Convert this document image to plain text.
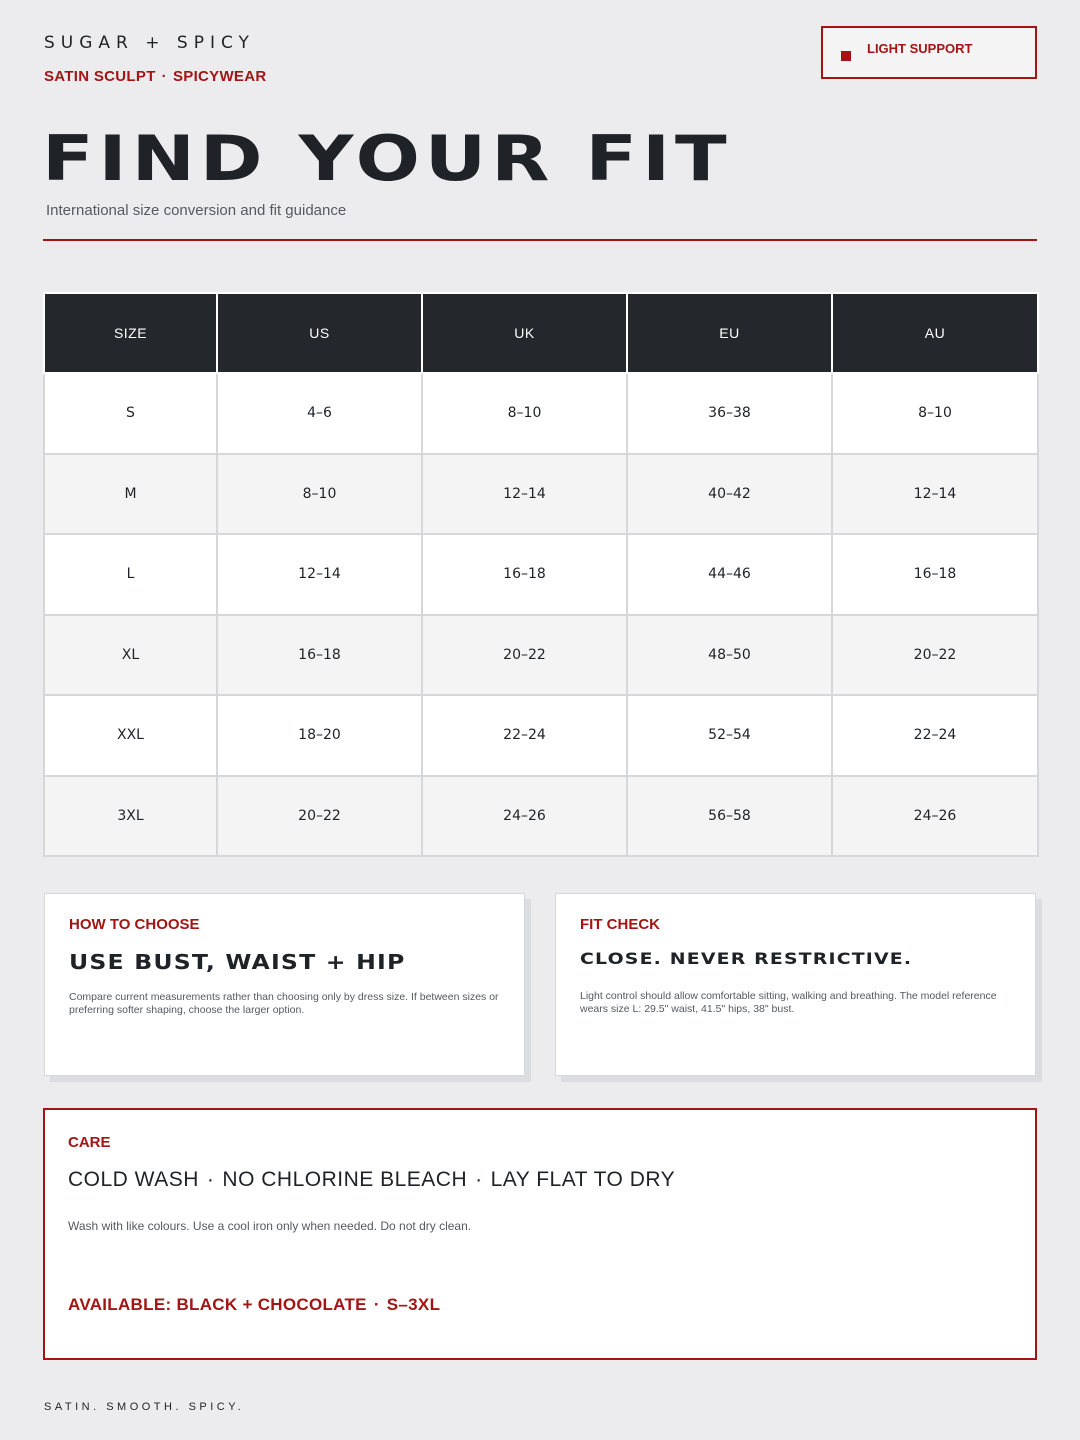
SUGAR + SPICY
SATIN SCULPT · SPICYWEAR
LIGHT SUPPORT
FIND YOUR FIT
International size conversion and fit guidance
SIZE	US	UK	EU	AU
S	4–6	8–10	36–38	8–10
M	8–10	12–14	40–42	12–14
L	12–14	16–18	44–46	16–18
XL	16–18	20–22	48–50	20–22
XXL	18–20	22–24	52–54	22–24
3XL	20–22	24–26	56–58	24–26
HOW TO CHOOSE
USE BUST, WAIST + HIP
Compare current measurements rather than choosing only by dress size. If between sizes or preferring softer shaping, choose the larger option.
FIT CHECK
CLOSE. NEVER RESTRICTIVE.
Light control should allow comfortable sitting, walking and breathing. The model reference wears size L: 29.5" waist, 41.5" hips, 38" bust.
CARE
COLD WASH · NO CHLORINE BLEACH · LAY FLAT TO DRY
Wash with like colours. Use a cool iron only when needed. Do not dry clean.
AVAILABLE: BLACK + CHOCOLATE · S–3XL
SATIN. SMOOTH. SPICY.
